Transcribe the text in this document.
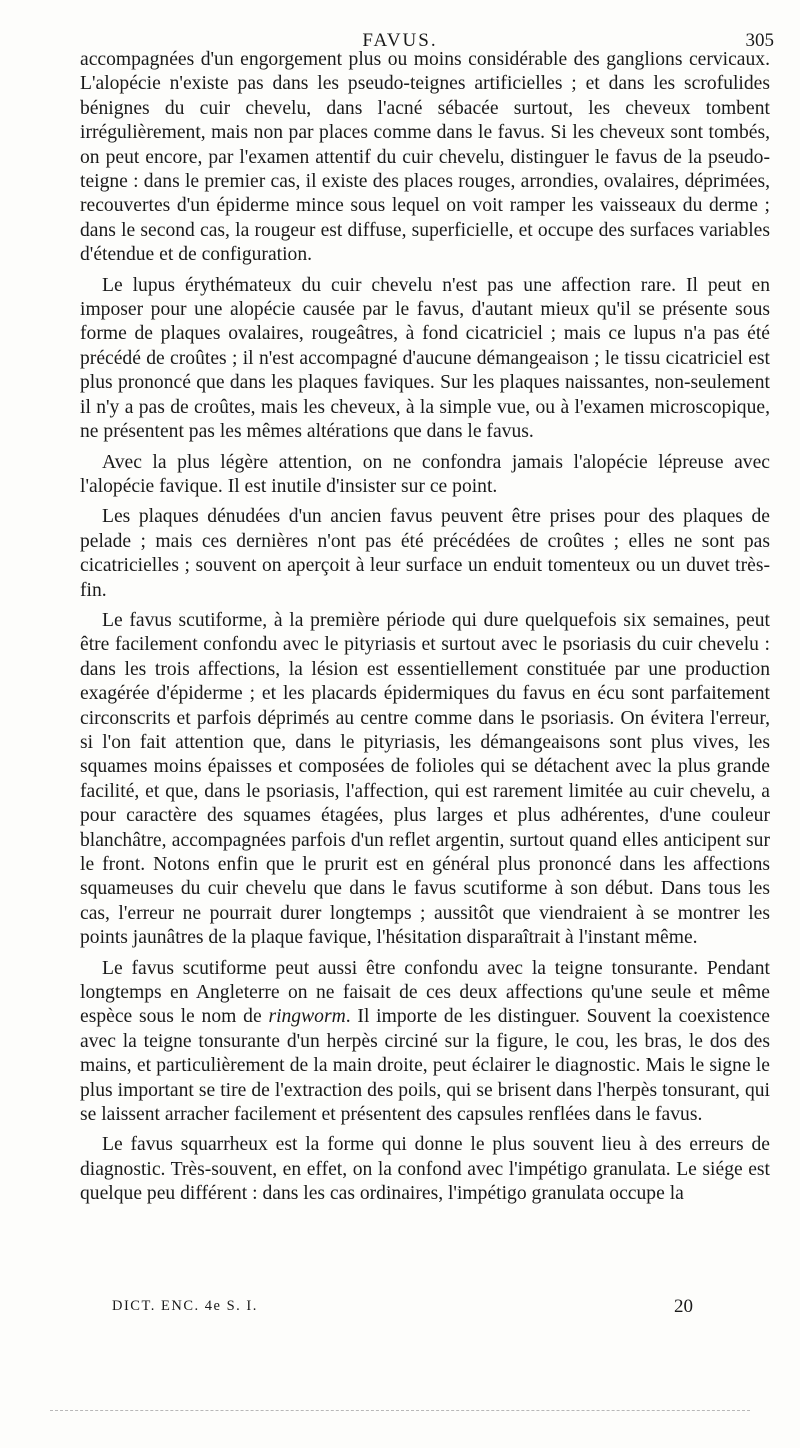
FAVUS.	305

accompagnées d'un engorgement plus ou moins considérable des ganglions cervicaux. L'alopécie n'existe pas dans les pseudo-teignes artificielles ; et dans les scrofulides bénignes du cuir chevelu, dans l'acné sébacée surtout, les cheveux tombent irrégulièrement, mais non par places comme dans le favus. Si les cheveux sont tombés, on peut encore, par l'examen attentif du cuir chevelu, distinguer le favus de la pseudo-teigne : dans le premier cas, il existe des places rouges, arrondies, ovalaires, déprimées, recouvertes d'un épiderme mince sous lequel on voit ramper les vaisseaux du derme ; dans le second cas, la rougeur est diffuse, superficielle, et occupe des surfaces variables d'étendue et de configuration.

Le lupus érythémateux du cuir chevelu n'est pas une affection rare. Il peut en imposer pour une alopécie causée par le favus, d'autant mieux qu'il se présente sous forme de plaques ovalaires, rougeâtres, à fond cicatriciel ; mais ce lupus n'a pas été précédé de croûtes ; il n'est accompagné d'aucune démangeaison ; le tissu cicatriciel est plus prononcé que dans les plaques faviques. Sur les plaques naissantes, non-seulement il n'y a pas de croûtes, mais les cheveux, à la simple vue, ou à l'examen microscopique, ne présentent pas les mêmes altérations que dans le favus.

Avec la plus légère attention, on ne confondra jamais l'alopécie lépreuse avec l'alopécie favique. Il est inutile d'insister sur ce point.

Les plaques dénudées d'un ancien favus peuvent être prises pour des plaques de pelade ; mais ces dernières n'ont pas été précédées de croûtes ; elles ne sont pas cicatricielles ; souvent on aperçoit à leur surface un enduit tomenteux ou un duvet très-fin.

Le favus scutiforme, à la première période qui dure quelquefois six semaines, peut être facilement confondu avec le pityriasis et surtout avec le psoriasis du cuir chevelu : dans les trois affections, la lésion est essentiellement constituée par une production exagérée d'épiderme ; et les placards épidermiques du favus en écu sont parfaitement circonscrits et parfois déprimés au centre comme dans le psoriasis. On évitera l'erreur, si l'on fait attention que, dans le pityriasis, les démangeaisons sont plus vives, les squames moins épaisses et composées de folioles qui se détachent avec la plus grande facilité, et que, dans le psoriasis, l'affection, qui est rarement limitée au cuir chevelu, a pour caractère des squames étagées, plus larges et plus adhérentes, d'une couleur blanchâtre, accompagnées parfois d'un reflet argentin, surtout quand elles anticipent sur le front. Notons enfin que le prurit est en général plus prononcé dans les affections squameuses du cuir chevelu que dans le favus scutiforme à son début. Dans tous les cas, l'erreur ne pourrait durer longtemps ; aussitôt que viendraient à se montrer les points jaunâtres de la plaque favique, l'hésitation disparaîtrait à l'instant même.

Le favus scutiforme peut aussi être confondu avec la teigne tonsurante. Pendant longtemps en Angleterre on ne faisait de ces deux affections qu'une seule et même espèce sous le nom de ringworm. Il importe de les distinguer. Souvent la coexistence avec la teigne tonsurante d'un herpès circiné sur la figure, le cou, les bras, le dos des mains, et particulièrement de la main droite, peut éclairer le diagnostic. Mais le signe le plus important se tire de l'extraction des poils, qui se brisent dans l'herpès tonsurant, qui se laissent arracher facilement et présentent des capsules renflées dans le favus.

Le favus squarrheux est la forme qui donne le plus souvent lieu à des erreurs de diagnostic. Très-souvent, en effet, on la confond avec l'impétigo granulata. Le siége est quelque peu différent : dans les cas ordinaires, l'impétigo granulata occupe la

DICT. ENC. 4e S. I.	20
